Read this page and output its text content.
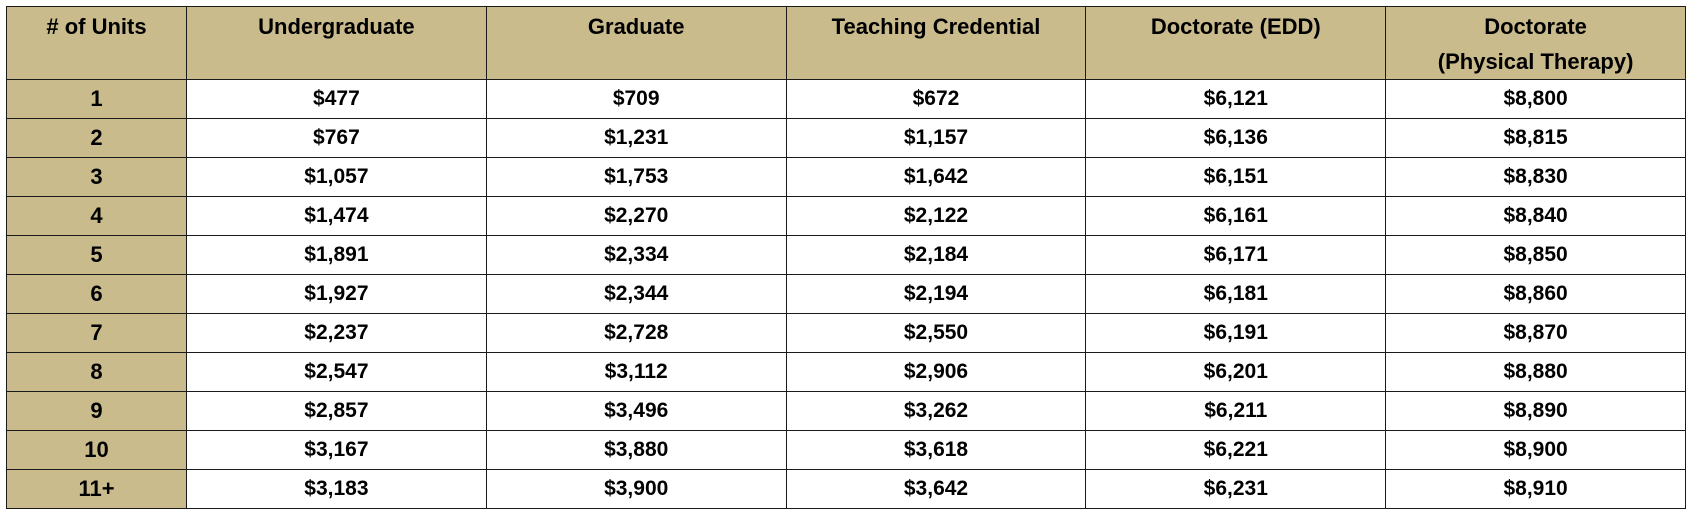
# of Units	Undergraduate	Graduate	Teaching Credential	Doctorate (EDD)	Doctorate
(Physical Therapy)

1	$477	$709	$672	$6,121	$8,800
2	$767	$1,231	$1,157	$6,136	$8,815
3	$1,057	$1,753	$1,642	$6,151	$8,830
4	$1,474	$2,270	$2,122	$6,161	$8,840
5	$1,891	$2,334	$2,184	$6,171	$8,850
6	$1,927	$2,344	$2,194	$6,181	$8,860
7	$2,237	$2,728	$2,550	$6,191	$8,870
8	$2,547	$3,112	$2,906	$6,201	$8,880
9	$2,857	$3,496	$3,262	$6,211	$8,890
10	$3,167	$3,880	$3,618	$6,221	$8,900
11+	$3,183	$3,900	$3,642	$6,231	$8,910
